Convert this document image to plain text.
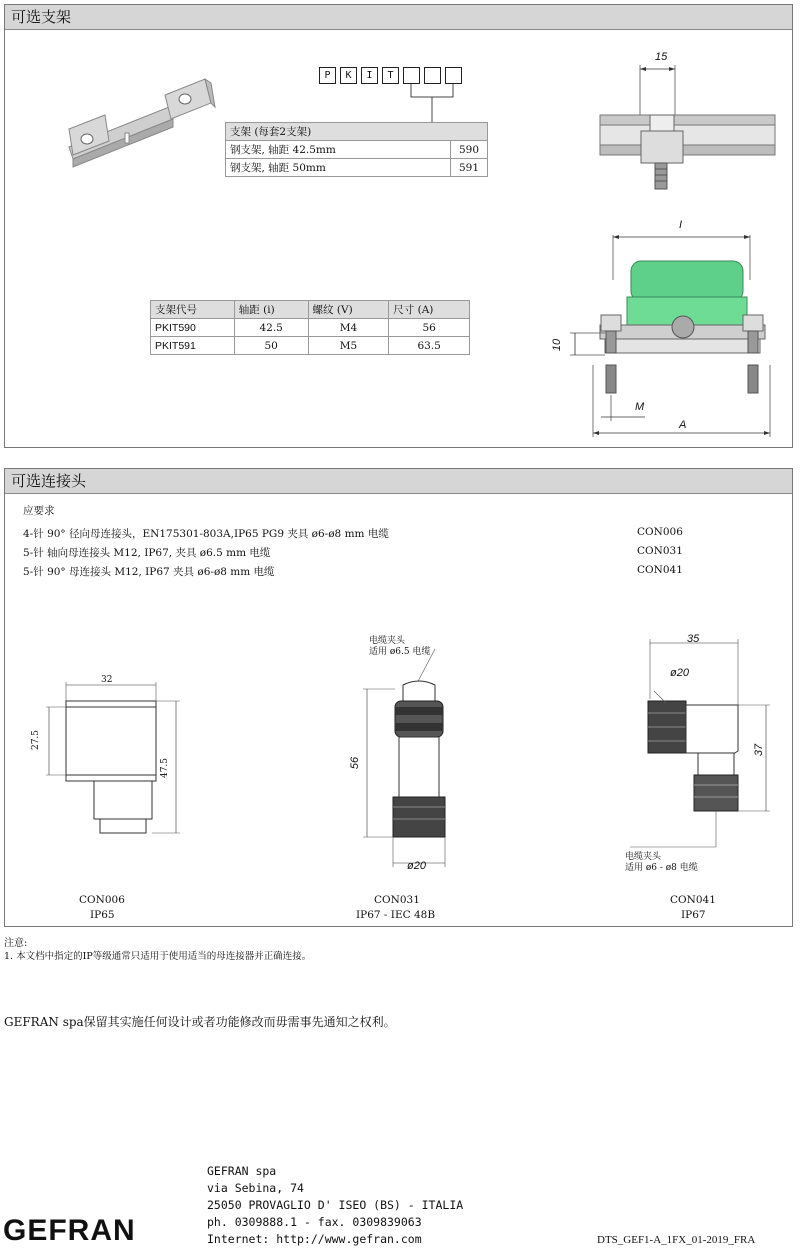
可选支架
P	K	I	T
支架 (每套2支架)	
钢支架, 轴距 42.5mm	590
钢支架, 轴距 50mm	591
支架代号	轴距 (i)	螺纹 (V)	尺寸 (A)
PKIT590	42.5	M4	56
PKIT591	50	M5	63.5
15
I
10
M
A
可选连接头
应要求
4-针 90° 径向母连接头，EN175301-803A,IP65 PG9 夹具 ø6-ø8 mm 电缆	CON006
5-针 轴向母连接头 M12, IP67, 夹具 ø6.5 mm 电缆	CON031
5-针 90° 母连接头 M12, IP67 夹具 ø6-ø8 mm 电缆	CON041
32
27.5
47.5
CON006
IP65
电缆夹头
适用 ø6.5 电缆
56
ø20
CON031
IP67 - IEC 48B
35
ø20
37
电缆夹头
适用 ø6 - ø8 电缆
CON041
IP67
注意:
1. 本文档中指定的IP等级通常只适用于使用适当的母连接器并正确连接。
GEFRAN spa保留其实施任何设计或者功能修改而毋需事先通知之权利。
GEFRAN
GEFRAN spa
via Sebina, 74
25050 PROVAGLIO D' ISEO (BS) - ITALIA
ph. 0309888.1 - fax. 0309839063
Internet: http://www.gefran.com	DTS_GEF1-A_1FX_01-2019_FRA
